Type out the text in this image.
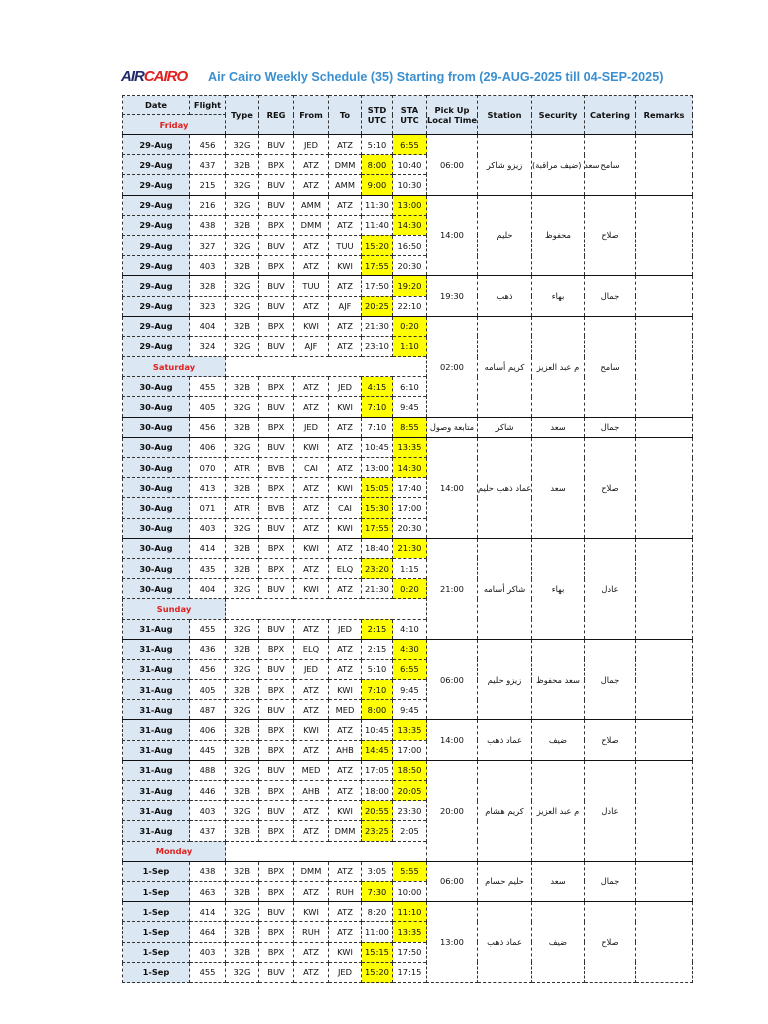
AIRCAIRO Air Cairo Weekly Schedule (35) Starting from (29-AUG-2025 till 04-SEP-2025)
Date	Flight	Type	REG	From	To	STD UTC	STA UTC	Pick Up Local Time	Station	Security	Catering	Remarks
Friday												
29-Aug	456	32G	BUV	JED	ATZ	5:10	6:55	06:00	زيزو شاكر	سعد (ضيف مراقبة)	سامح	
29-Aug	437	32B	BPX	ATZ	DMM	8:00	10:40					
29-Aug	215	32G	BUV	ATZ	AMM	9:00	10:30					
29-Aug	216	32G	BUV	AMM	ATZ	11:30	13:00	14:00	حليم	محفوظ	صلاح	
29-Aug	438	32B	BPX	DMM	ATZ	11:40	14:30					
29-Aug	327	32G	BUV	ATZ	TUU	15:20	16:50					
29-Aug	403	32B	BPX	ATZ	KWI	17:55	20:30					
29-Aug	328	32G	BUV	TUU	ATZ	17:50	19:20	19:30	ذهب	بهاء	جمال	
29-Aug	323	32G	BUV	ATZ	AJF	20:25	22:10					
29-Aug	404	32B	BPX	KWI	ATZ	21:30	0:20	02:00	كريم أسامه	م عبد العزيز	سامح	
29-Aug	324	32G	BUV	AJF	ATZ	23:10	1:10					
Saturday												
30-Aug	455	32B	BPX	ATZ	JED	4:15	6:10					
30-Aug	405	32G	BUV	ATZ	KWI	7:10	9:45					
30-Aug	456	32B	BPX	JED	ATZ	7:10	8:55	متابعة وصول	شاكر	سعد	جمال	
30-Aug	406	32G	BUV	KWI	ATZ	10:45	13:35	14:00	عماد ذهب حليم	سعد	صلاح	
30-Aug	070	ATR	BVB	CAI	ATZ	13:00	14:30					
30-Aug	413	32B	BPX	ATZ	KWI	15:05	17:40					
30-Aug	071	ATR	BVB	ATZ	CAI	15:30	17:00					
30-Aug	403	32G	BUV	ATZ	KWI	17:55	20:30					
30-Aug	414	32B	BPX	KWI	ATZ	18:40	21:30	21:00	شاكر أسامه	بهاء	عادل	
30-Aug	435	32B	BPX	ATZ	ELQ	23:20	1:15					
30-Aug	404	32G	BUV	KWI	ATZ	21:30	0:20					
Sunday												
31-Aug	455	32G	BUV	ATZ	JED	2:15	4:10					
31-Aug	436	32B	BPX	ELQ	ATZ	2:15	4:30	06:00	زيزو حليم	سعد محفوظ	جمال	
31-Aug	456	32G	BUV	JED	ATZ	5:10	6:55					
31-Aug	405	32B	BPX	ATZ	KWI	7:10	9:45					
31-Aug	487	32G	BUV	ATZ	MED	8:00	9:45					
31-Aug	406	32B	BPX	KWI	ATZ	10:45	13:35	14:00	عماد ذهب	ضيف	صلاح	
31-Aug	445	32B	BPX	ATZ	AHB	14:45	17:00					
31-Aug	488	32G	BUV	MED	ATZ	17:05	18:50	20:00	كريم هشام	م عبد العزيز	عادل	
31-Aug	446	32B	BPX	AHB	ATZ	18:00	20:05					
31-Aug	403	32G	BUV	ATZ	KWI	20:55	23:30					
31-Aug	437	32B	BPX	ATZ	DMM	23:25	2:05					
Monday												
1-Sep	438	32B	BPX	DMM	ATZ	3:05	5:55	06:00	حليم حسام	سعد	جمال	
1-Sep	463	32B	BPX	ATZ	RUH	7:30	10:00					
1-Sep	414	32G	BUV	KWI	ATZ	8:20	11:10	13:00	عماد ذهب	ضيف	صلاح	
1-Sep	464	32B	BPX	RUH	ATZ	11:00	13:35					
1-Sep	403	32B	BPX	ATZ	KWI	15:15	17:50					
1-Sep	455	32G	BUV	ATZ	JED	15:20	17:15					
